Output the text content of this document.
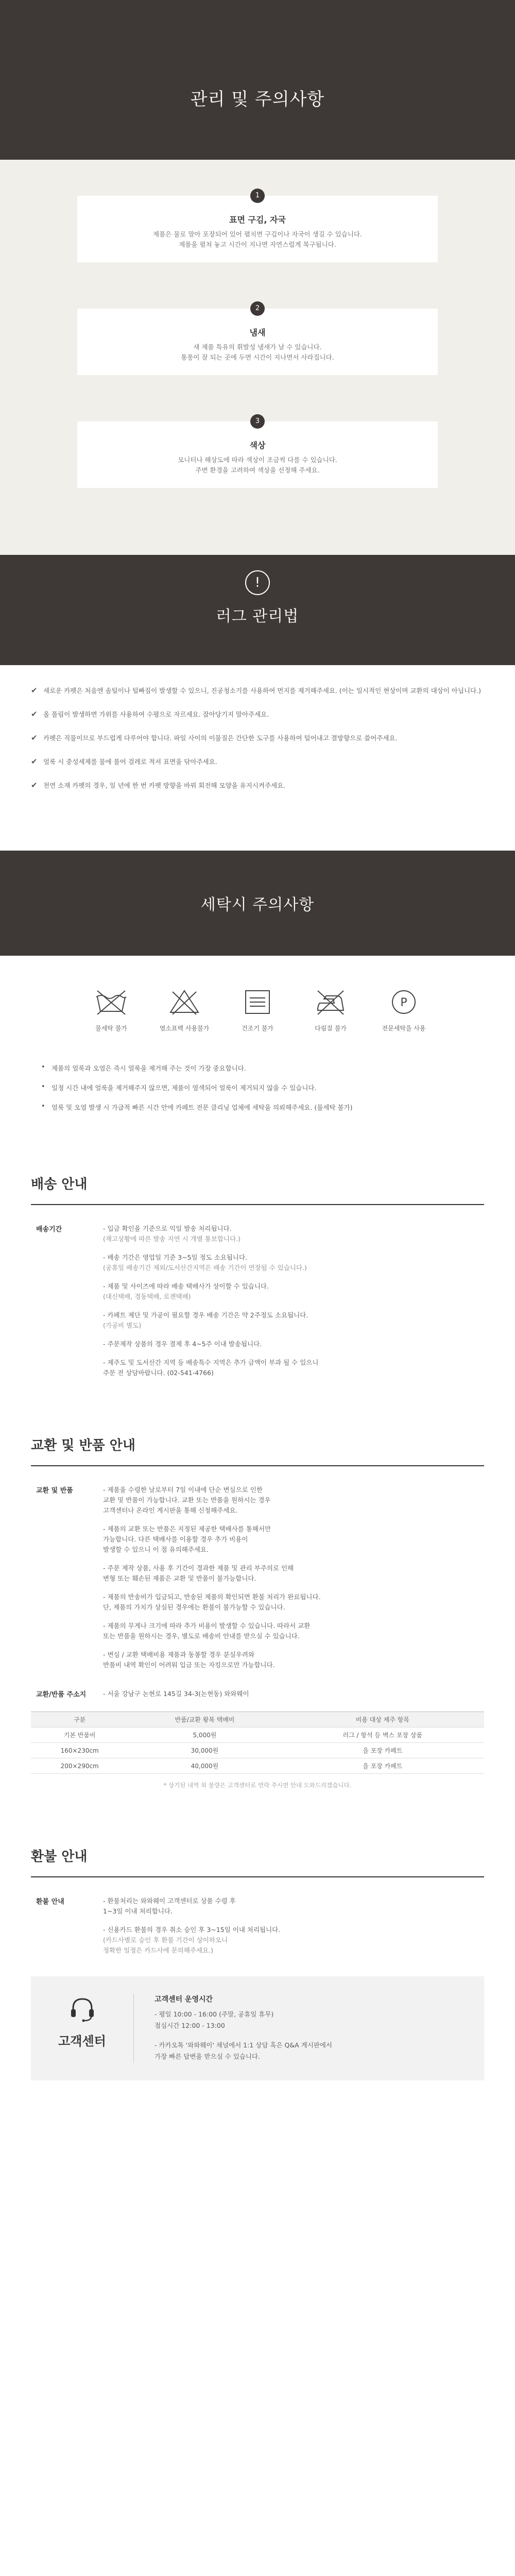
관리 및 주의사항
1
표면 구김, 자국

제품은 물로 말아 포장되어 있어 펼치면 구김이나 자국이 생길 수 있습니다.

제품을 펼쳐 놓고 시간이 지나면 자연스럽게 복구됩니다.

2
냄새

새 제품 특유의 휘발성 냄새가 날 수 있습니다.

통풍이 잘 되는 곳에 두면 시간이 지나면서 사라집니다.

3
색상

모니터나 해상도에 따라 색상이 조금씩 다를 수 있습니다.

주변 환경을 고려하여 색상을 선정해 주세요.

!
러그 관리법
✔ 새로운 카펫은 처음엔 솜털이나 털빠짐이 발생할 수 있으니, 진공청소기를 사용하여 먼지를 제거해주세요. (이는 일시적인 현상이며 교환의 대상이 아닙니다.)
✔ 올 풀림이 발생하면 가위를 사용하여 수평으로 자르세요. 잡아당기지 말아주세요.
✔ 카펫은 직물이므로 부드럽게 다루어야 합니다. 파일 사이의 이물질은 간단한 도구를 사용하여 털어내고 결방향으로 쓸어주세요.
✔ 얼룩 시 중성세제를 물에 풀어 걸레로 적셔 표면을 닦아주세요.
✔ 천연 소재 카펫의 경우, 일 년에 한 번 카펫 방향을 바꿔 회전해 모양을 유지시켜주세요.
세탁시 주의사항
물세탁 불가	염소표백 사용불가	건조기 불가	다림질 불가
P
전문세탁을 사용
• 제품의 얼룩과 오염은 즉시 얼룩을 제거해 주는 것이 가장 중요합니다.
• 일정 시간 내에 얼룩을 제거해주지 않으면, 제품이 염색되어 얼룩이 제거되지 않을 수 있습니다.
• 얼룩 및 오염 발생 시 가급적 빠른 시간 안에 카페트 전문 클리닝 업체에 세탁을 의뢰해주세요. (물세탁 불가)
배송 안내
배송기간	- 입금 확인을 기준으로 익일 발송 처리됩니다.
(재고상황에 따른 발송 지연 시 개별 통보합니다.)
- 배송 기간은 영업일 기준 3~5일 정도 소요됩니다.
(공휴일 배송기간 제외/도서산간지역은 배송 기간이 연장될 수 있습니다.)
- 제품 및 사이즈에 따라 배송 택배사가 상이할 수 있습니다.
(대신택배, 경동택배, 로젠택배)
- 카페트 제단 및 가공이 필요할 경우 배송 기간은 약 2주정도 소요됩니다.
(가공비 별도)
- 주문제작 상품의 경우 결제 후 4~5주 이내 발송됩니다.
- 제주도 및 도서산간 지역 등 배송특수 지역은 추가 금액이 부과 될 수 있으니
주문 전 상담바랍니다. (02-541-4766)
교환 및 반품 안내
교환 및 반품	- 제품을 수령한 날로부터 7일 이내에 단순 변심으로 인한
교환 및 반품이 가능합니다. 교환 또는 반품을 원하시는 경우
고객센터나 온라인 게시판을 통해 신청해주세요.
- 제품의 교환 또는 반품은 지정된 제공한 택배사를 통해서만
가능합니다. 다른 택배사를 이용할 경우 추가 비용이
발생할 수 있으니 이 점 유의해주세요.
- 주문 제작 상품, 사용 후 기간이 경과한 제품 및 관리 부주의로 인해
변형 또는 훼손된 제품은 교환 및 반품이 불가능합니다.
- 제품의 반송비가 입금되고, 반송된 제품의 확인되면 환불 처리가 완료됩니다.
단, 제품의 가치가 상실된 경우에는 환불이 불가능할 수 있습니다.
- 제품의 무게나 크기에 따라 추가 비용이 발생할 수 있습니다. 따라서 교환
또는 반품을 원하시는 경우, 별도로 배송비 안내를 받으실 수 있습니다.
- 변심 / 교환 택배비용 제품과 동봉할 경우 분실우려와
반품비 내역 확인이 어려워 입금 또는 자킹으로만 가능합니다.
교환/반품 주소지	- 서울 강남구 논현로 145길 34-3(논현동) 와와웨이
구분	반품/교환 왕복 택배비	비용 대상 제주 항목
기본 반품비	5,000원	러그 / 항석 등 벽스 포장 상품
160×230cm	30,000원	을 포장 카페트
200×290cm	40,000원	을 포장 카페트
* 상기된 내역 외 불량은 고객센터로 연락 주시면 안내 도와드리겠습니다.
환불 안내
환불 안내	- 환불처리는 와와웨이 고객센터로 상품 수령 후
1~3일 이내 처리합니다.
- 신용카드 환불의 경우 취소 승인 후 3~15일 이내 처리됩니다.
(카드사별로 승인 후 환불 기간이 상이하오니
정확한 일정은 카드사에 문의해주세요.)
고객센터
고객센터 운영시간
- 평일 10:00 - 16:00 (주말, 공휴일 휴무)
점심시간 12:00 - 13:00
- 카카오톡 '와와웨이' 채널에서 1:1 상담 혹은 Q&A 게시판에서
가장 빠른 답변을 받으실 수 있습니다.
